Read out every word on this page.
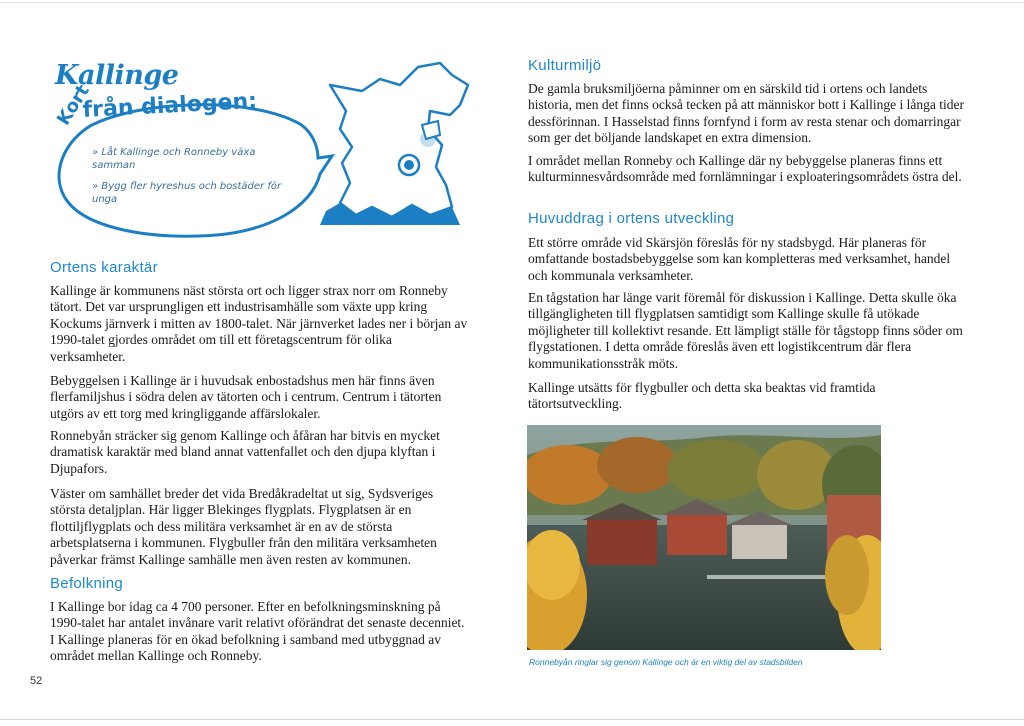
Kallinge
från dialogen:
Kort
» Låt Kallinge och Ronneby växa samman
» Bygg fler hyreshus och bostäder för unga
Ortens karaktär

Kallinge är kommunens näst största ort och ligger strax norr om Ronneby tätort. Det var ursprungligen ett industrisamhälle som växte upp kring Kockums järnverk i mitten av 1800-talet. När järnverket lades ner i början av 1990-talet gjordes området om till ett företagscentrum för olika verksamheter.

Bebyggelsen i Kallinge är i huvudsak enbostadshus men här finns även flerfamiljshus i södra delen av tätorten och i centrum. Centrum i tätorten utgörs av ett torg med kringliggande affärslokaler.

Ronnebyån sträcker sig genom Kallinge och åfåran har bitvis en mycket dramatisk karaktär med bland annat vattenfallet och den djupa klyftan i Djupafors.

Väster om samhället breder det vida Bredåkradeltat ut sig, Sydsveriges största detaljplan. Här ligger Blekinges flygplats. Flygplatsen är en flottiljflygplats och dess militära verksamhet är en av de största arbetsplatserna i kommunen. Flygbuller från den militära verksamheten påverkar främst Kallinge samhälle men även resten av kommunen.

Befolkning

I Kallinge bor idag ca 4 700 personer. Efter en befolkningsminskning på 1990-talet har antalet invånare varit relativt oförändrat det senaste decenniet. I Kallinge planeras för en ökad befolkning i samband med utbyggnad av området mellan Kallinge och Ronneby.

Kulturmiljö

De gamla bruksmiljöerna påminner om en särskild tid i ortens och landets historia, men det finns också tecken på att människor bott i Kallinge i långa tider dessförinnan. I Hasselstad finns fornfynd i form av resta stenar och domarringar som ger det böljande landskapet en extra dimension.

I området mellan Ronneby och Kallinge där ny bebyggelse planeras finns ett kulturminnesvårdsområde med fornlämningar i exploateringsområdets östra del.

Huvuddrag i ortens utveckling

Ett större område vid Skärsjön föreslås för ny stadsbygd. Här planeras för omfattande bostadsbebyggelse som kan kompletteras med verksamhet, handel och kommunala verksamheter.

En tågstation har länge varit föremål för diskussion i Kallinge. Detta skulle öka tillgängligheten till flygplatsen samtidigt som Kallinge skulle få utökade möjligheter till kollektivt resande. Ett lämpligt ställe för tågstopp finns söder om flygstationen. I detta område föreslås även ett logistikcentrum där flera kommunikationsstråk möts.

Kallinge utsätts för flygbuller och detta ska beaktas vid framtida tätortsutveckling.

Ronnebyån ringlar sig genom Kallinge och är en viktig del av stadsbilden
52
